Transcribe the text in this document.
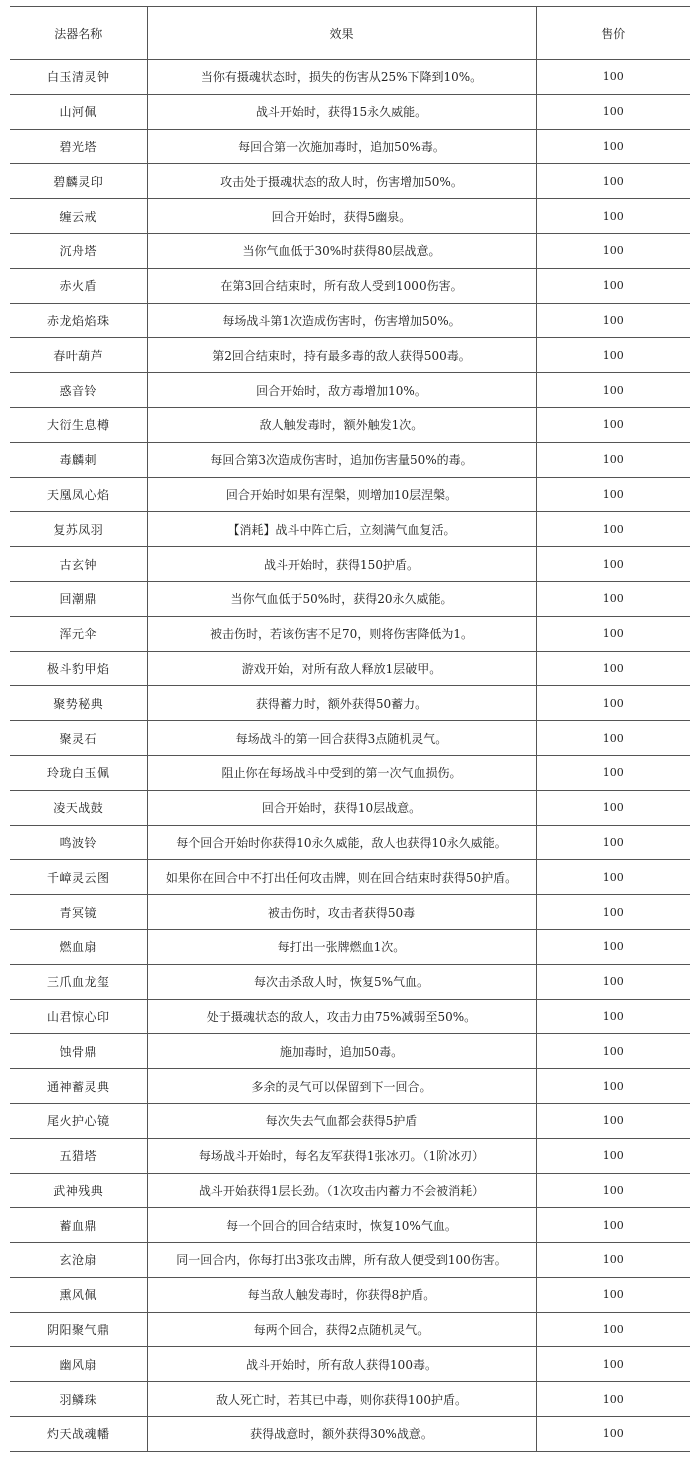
法器名称	效果	售价
白玉清灵钟	当你有摄魂状态时，损失的伤害从25%下降到10%。	100
山河佩	战斗开始时，获得15永久威能。	100
碧光塔	每回合第一次施加毒时，追加50%毒。	100
碧麟灵印	攻击处于摄魂状态的敌人时，伤害增加50%。	100
缠云戒	回合开始时，获得5幽泉。	100
沉舟塔	当你气血低于30%时获得80层战意。	100
赤火盾	在第3回合结束时，所有敌人受到1000伤害。	100
赤龙焰焰珠	每场战斗第1次造成伤害时，伤害增加50%。	100
春叶葫芦	第2回合结束时，持有最多毒的敌人获得500毒。	100
惑音铃	回合开始时，敌方毒增加10%。	100
大衍生息樽	敌人触发毒时，额外触发1次。	100
毒麟刺	每回合第3次造成伤害时，追加伤害量50%的毒。	100
天凰凤心焰	回合开始时如果有涅槃，则增加10层涅槃。	100
复苏凤羽	【消耗】战斗中阵亡后，立刻满气血复活。	100
古玄钟	战斗开始时，获得150护盾。	100
回潮鼎	当你气血低于50%时，获得20永久威能。	100
浑元伞	被击伤时，若该伤害不足70，则将伤害降低为1。	100
极斗豹甲焰	游戏开始，对所有敌人释放1层破甲。	100
聚势秘典	获得蓄力时，额外获得50蓄力。	100
聚灵石	每场战斗的第一回合获得3点随机灵气。	100
玲珑白玉佩	阻止你在每场战斗中受到的第一次气血损伤。	100
凌天战鼓	回合开始时，获得10层战意。	100
鸣波铃	每个回合开始时你获得10永久威能，敌人也获得10永久威能。	100
千嶂灵云图	如果你在回合中不打出任何攻击牌，则在回合结束时获得50护盾。	100
青冥镜	被击伤时，攻击者获得50毒	100
燃血扇	每打出一张牌燃血1次。	100
三爪血龙玺	每次击杀敌人时，恢复5%气血。	100
山君惊心印	处于摄魂状态的敌人，攻击力由75%减弱至50%。	100
蚀骨鼎	施加毒时，追加50毒。	100
通神蓄灵典	多余的灵气可以保留到下一回合。	100
尾火护心镜	每次失去气血都会获得5护盾	100
五猎塔	每场战斗开始时，每名友军获得1张冰刃。（1阶冰刃）	100
武神残典	战斗开始获得1层长劲。（1次攻击内蓄力不会被消耗）	100
蓄血鼎	每一个回合的回合结束时，恢复10%气血。	100
玄沧扇	同一回合内，你每打出3张攻击牌，所有敌人便受到100伤害。	100
熏风佩	每当敌人触发毒时，你获得8护盾。	100
阴阳聚气鼎	每两个回合，获得2点随机灵气。	100
幽风扇	战斗开始时，所有敌人获得100毒。	100
羽鳞珠	敌人死亡时，若其已中毒，则你获得100护盾。	100
灼天战魂幡	获得战意时，额外获得30%战意。	100
